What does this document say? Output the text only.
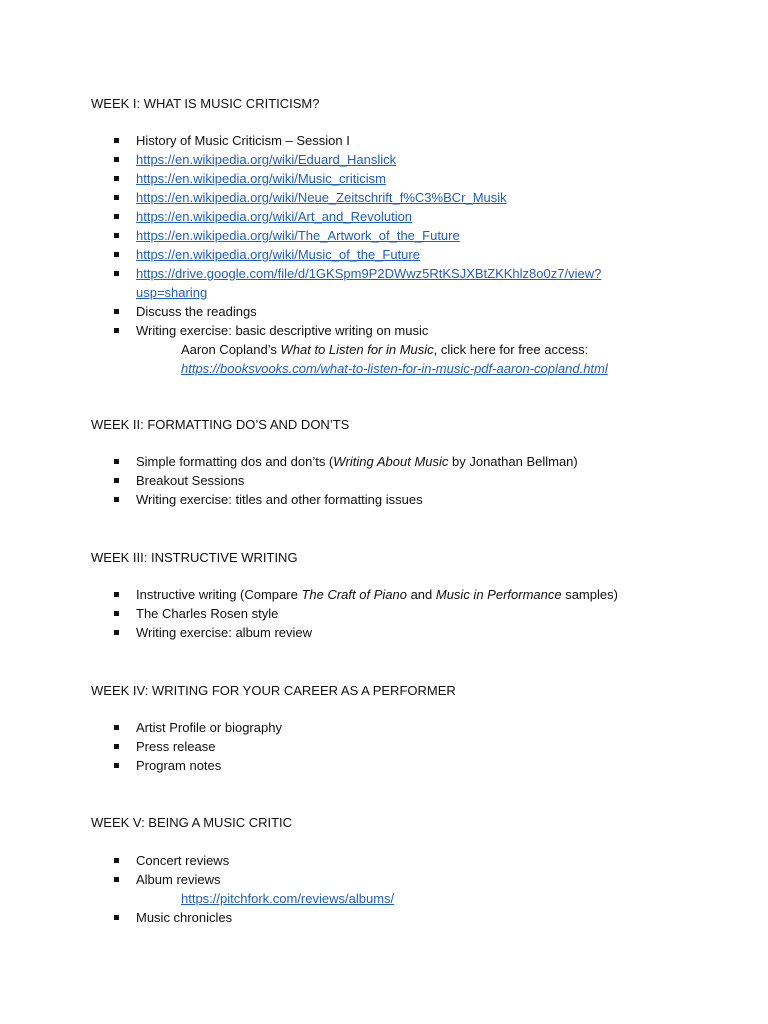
WEEK I: WHAT IS MUSIC CRITICISM?
History of Music Criticism – Session I
https://en.wikipedia.org/wiki/Eduard_Hanslick
https://en.wikipedia.org/wiki/Music_criticism
https://en.wikipedia.org/wiki/Neue_Zeitschrift_f%C3%BCr_Musik
https://en.wikipedia.org/wiki/Art_and_Revolution
https://en.wikipedia.org/wiki/The_Artwork_of_the_Future
https://en.wikipedia.org/wiki/Music_of_the_Future
https://drive.google.com/file/d/1GKSpm9P2DWwz5RtKSJXBtZKKhlz8o0z7/view?
usp=sharing
Discuss the readings
Writing exercise: basic descriptive writing on music
Aaron Copland’s What to Listen for in Music, click here for free access:
https://booksvooks.com/what-to-listen-for-in-music-pdf-aaron-copland.html
WEEK II: FORMATTING DO’S AND DON’TS
Simple formatting dos and don’ts (Writing About Music by Jonathan Bellman)
Breakout Sessions
Writing exercise: titles and other formatting issues
WEEK III: INSTRUCTIVE WRITING
Instructive writing (Compare The Craft of Piano and Music in Performance samples)
The Charles Rosen style
Writing exercise: album review
WEEK IV: WRITING FOR YOUR CAREER AS A PERFORMER
Artist Profile or biography
Press release
Program notes
WEEK V: BEING A MUSIC CRITIC
Concert reviews
Album reviews
https://pitchfork.com/reviews/albums/
Music chronicles
